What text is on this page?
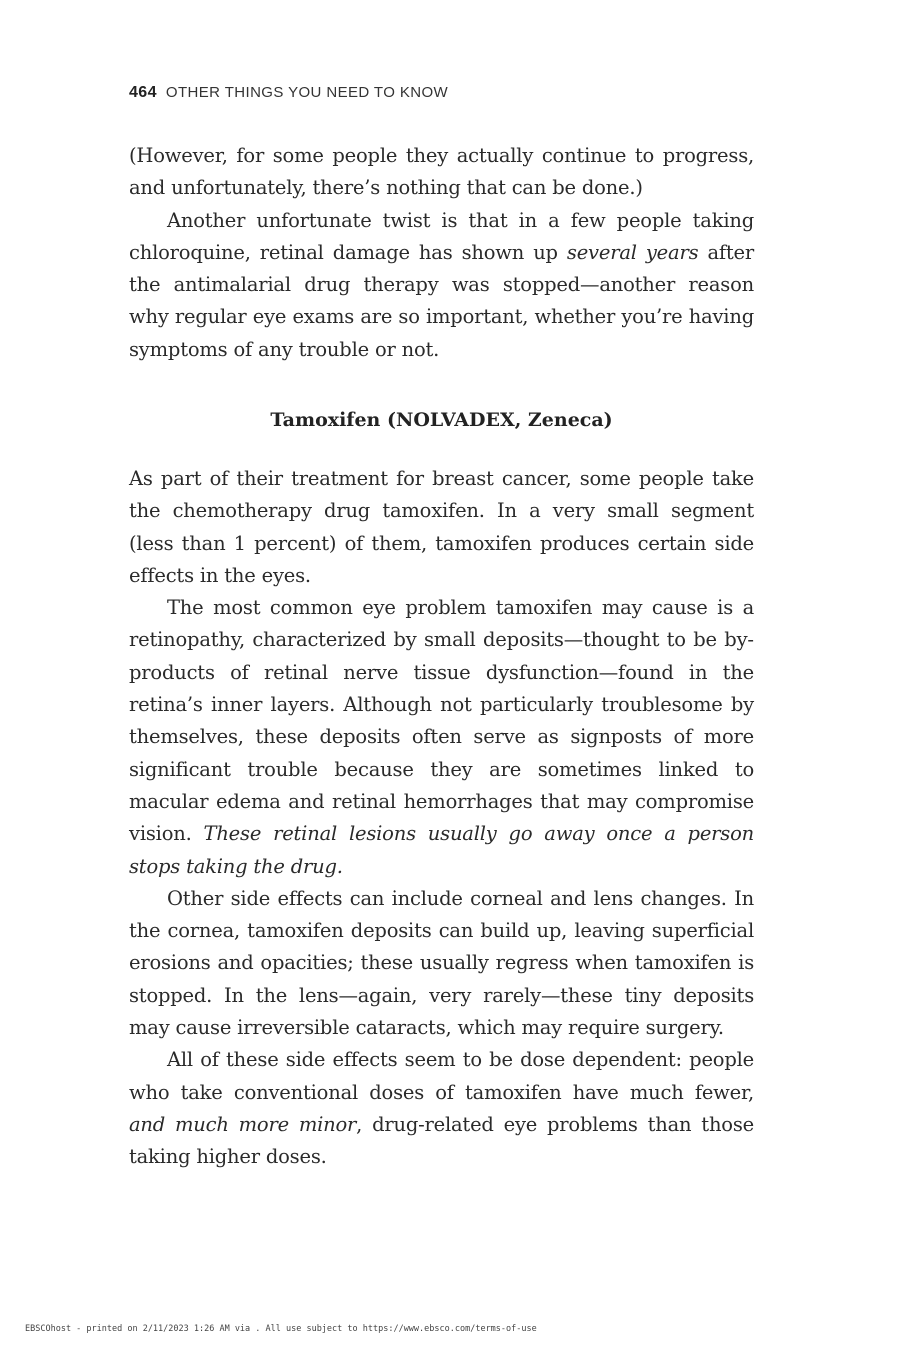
464 OTHER THINGS YOU NEED TO KNOW

(However, for some people they actually continue to progress, and unfortunately, there’s nothing that can be done.)

Another unfortunate twist is that in a few people taking chloroquine, retinal damage has shown up several years after the antimalarial drug therapy was stopped—another reason why regular eye exams are so important, whether you’re having symptoms of any trouble or not.

Tamoxifen (NOLVADEX, Zeneca)

As part of their treatment for breast cancer, some people take the chemotherapy drug tamoxifen. In a very small segment (less than 1 percent) of them, tamoxifen produces certain side effects in the eyes.

The most common eye problem tamoxifen may cause is a retinopathy, characterized by small deposits—thought to be byproducts of retinal nerve tissue dysfunction—found in the retina’s inner layers. Although not particularly troublesome by themselves, these deposits often serve as signposts of more significant trouble because they are sometimes linked to macular edema and retinal hemorrhages that may compromise vision. These retinal lesions usually go away once a person stops taking the drug.

Other side effects can include corneal and lens changes. In the cornea, tamoxifen deposits can build up, leaving superficial erosions and opacities; these usually regress when tamoxifen is stopped. In the lens—again, very rarely—these tiny deposits may cause irreversible cataracts, which may require surgery.

All of these side effects seem to be dose dependent: people who take conventional doses of tamoxifen have much fewer, and much more minor, drug-related eye problems than those taking higher doses.

EBSCOhost - printed on 2/11/2023 1:26 AM via . All use subject to https://www.ebsco.com/terms-of-use
